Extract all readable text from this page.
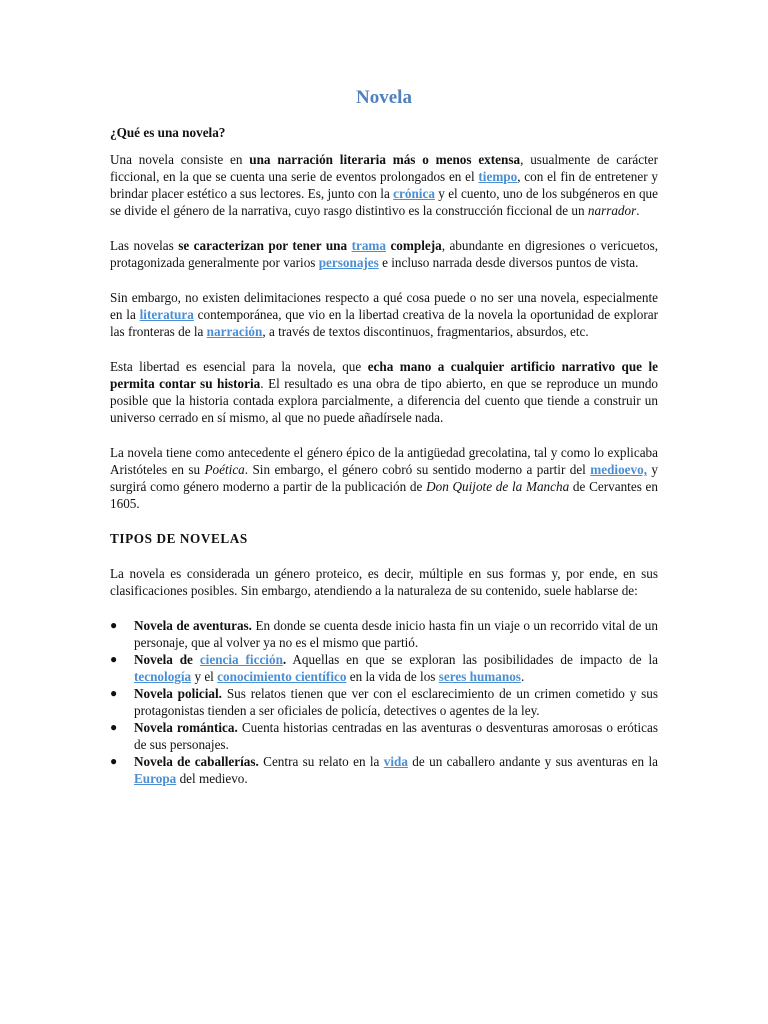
Novela
¿Qué es una novela?

Una novela consiste en una narración literaria más o menos extensa, usualmente de carácter ficcional, en la que se cuenta una serie de eventos prolongados en el tiempo, con el fin de entretener y brindar placer estético a sus lectores. Es, junto con la crónica y el cuento, uno de los subgéneros en que se divide el género de la narrativa, cuyo rasgo distintivo es la construcción ficcional de un narrador.

Las novelas se caracterizan por tener una trama compleja, abundante en digresiones o vericuetos, protagonizada generalmente por varios personajes e incluso narrada desde diversos puntos de vista.

Sin embargo, no existen delimitaciones respecto a qué cosa puede o no ser una novela, especialmente en la literatura contemporánea, que vio en la libertad creativa de la novela la oportunidad de explorar las fronteras de la narración, a través de textos discontinuos, fragmentarios, absurdos, etc.

Esta libertad es esencial para la novela, que echa mano a cualquier artificio narrativo que le permita contar su historia. El resultado es una obra de tipo abierto, en que se reproduce un mundo posible que la historia contada explora parcialmente, a diferencia del cuento que tiende a construir un universo cerrado en sí mismo, al que no puede añadírsele nada.

La novela tiene como antecedente el género épico de la antigüedad grecolatina, tal y como lo explicaba Aristóteles en su Poética. Sin embargo, el género cobró su sentido moderno a partir del medioevo, y surgirá como género moderno a partir de la publicación de Don Quijote de la Mancha de Cervantes en 1605.

TIPOS DE NOVELAS

La novela es considerada un género proteico, es decir, múltiple en sus formas y, por ende, en sus clasificaciones posibles. Sin embargo, atendiendo a la naturaleza de su contenido, suele hablarse de:

● Novela de aventuras. En donde se cuenta desde inicio hasta fin un viaje o un recorrido vital de un personaje, que al volver ya no es el mismo que partió.
● Novela de ciencia ficción. Aquellas en que se exploran las posibilidades de impacto de la tecnología y el conocimiento científico en la vida de los seres humanos.
● Novela policial. Sus relatos tienen que ver con el esclarecimiento de un crimen cometido y sus protagonistas tienden a ser oficiales de policía, detectives o agentes de la ley.
● Novela romántica. Cuenta historias centradas en las aventuras o desventuras amorosas o eróticas de sus personajes.
● Novela de caballerías. Centra su relato en la vida de un caballero andante y sus aventuras en la Europa del medievo.
